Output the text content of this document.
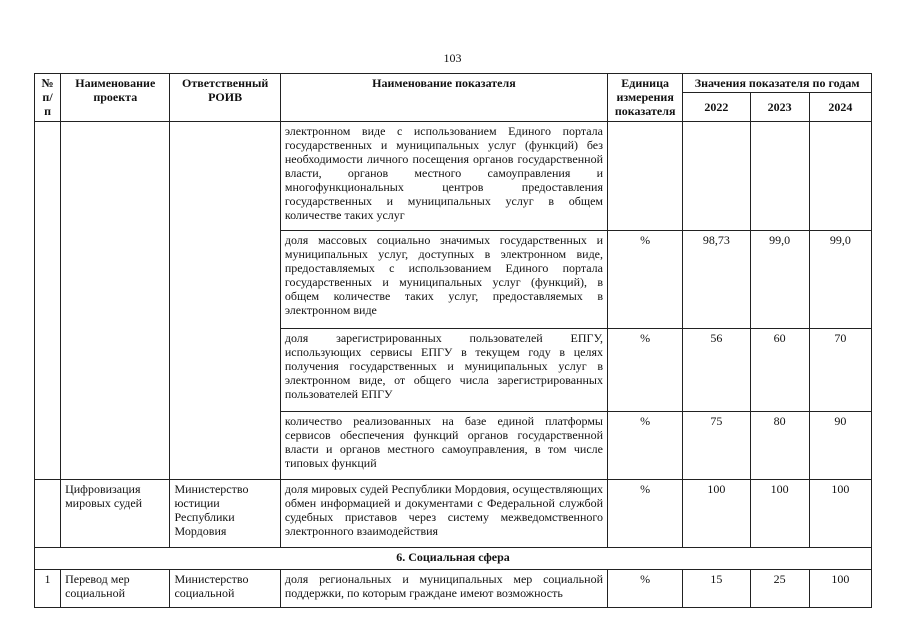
103
№ п/п	Наименование проекта	Ответственный РОИВ	Наименование показателя	Единица измерения показателя	Значения показателя по годам		
					2022	2023	2024
			электронном виде с использованием Единого портала государственных и муниципальных услуг (функций) без необходимости личного посещения органов государственной власти, органов местного самоуправления и многофункциональных центров предоставления государственных и муниципальных услуг в общем количестве таких услуг				
			доля массовых социально значимых государственных и муниципальных услуг, доступных в электронном виде, предоставляемых с использованием Единого портала государственных и муниципальных услуг (функций), в общем количестве таких услуг, предоставляемых в электронном виде	%	98,73	99,0	99,0
			доля зарегистрированных пользователей ЕПГУ, использующих сервисы ЕПГУ в текущем году в целях получения государственных и муниципальных услуг в электронном виде, от общего числа зарегистрированных пользователей ЕПГУ	%	56	60	70
			количество реализованных на базе единой платформы сервисов обеспечения функций органов государственной власти и органов местного самоуправления, в том числе типовых функций	%	75	80	90
	Цифровизация мировых судей	Министерство юстиции Республики Мордовия	доля мировых судей Республики Мордовия, осуществляющих обмен информацией и документами с Федеральной службой судебных приставов через систему межведомственного электронного взаимодействия	%	100	100	100
6. Социальная сфера							
1	Перевод мер социальной	Министерство социальной	доля региональных и муниципальных мер социальной поддержки, по которым граждане имеют возможность	%	15	25	100
